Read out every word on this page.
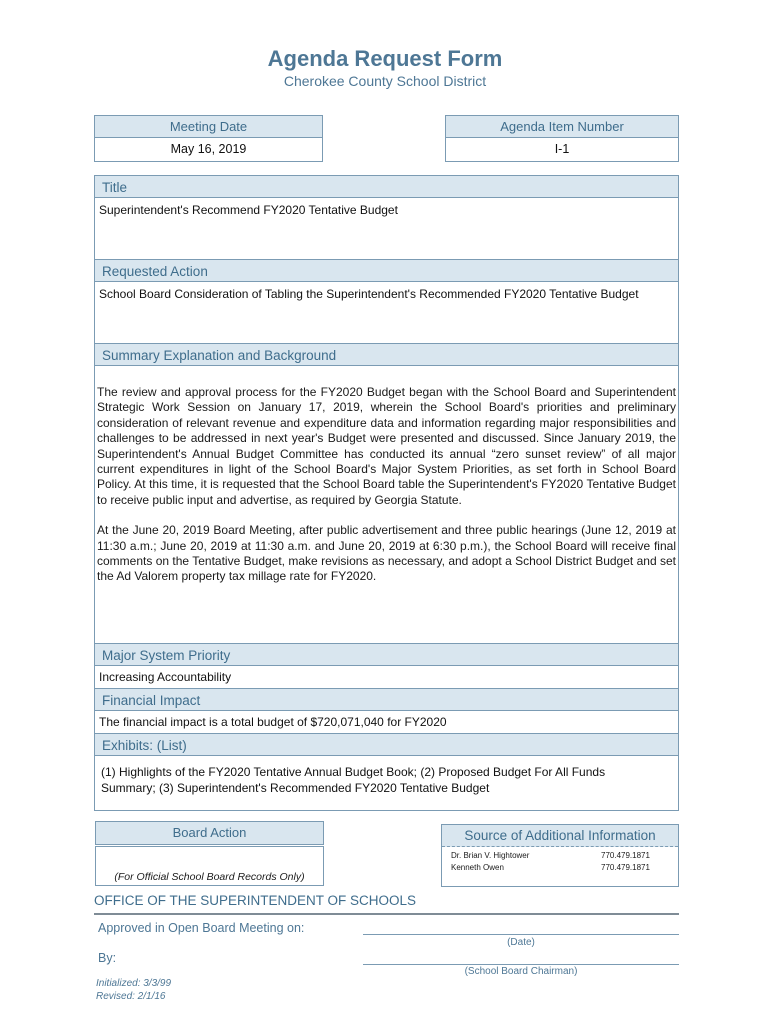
Agenda Request Form
Cherokee County School District
Meeting Date
May 16, 2019
Agenda Item Number
I-1
Title
Superintendent's Recommend FY2020 Tentative Budget
Requested Action
School Board Consideration of Tabling the Superintendent's Recommended FY2020 Tentative Budget
Summary Explanation and Background
The review and approval process for the FY2020 Budget began with the School Board and Superintendent Strategic Work Session on January 17, 2019, wherein the School Board's priorities and preliminary consideration of relevant revenue and expenditure data and information regarding major responsibilities and challenges to be addressed in next year's Budget were presented and discussed. Since January 2019, the Superintendent's Annual Budget Committee has conducted its annual “zero sunset review” of all major current expenditures in light of the School Board's Major System Priorities, as set forth in School Board Policy. At this time, it is requested that the School Board table the Superintendent's FY2020 Tentative Budget to receive public input and advertise, as required by Georgia Statute.
At the June 20, 2019 Board Meeting, after public advertisement and three public hearings (June 12, 2019 at 11:30 a.m.; June 20, 2019 at 11:30 a.m. and June 20, 2019 at 6:30 p.m.), the School Board will receive final comments on the Tentative Budget, make revisions as necessary, and adopt a School District Budget and set the Ad Valorem property tax millage rate for FY2020.
Major System Priority
Increasing Accountability
Financial Impact
The financial impact is a total budget of $720,071,040 for FY2020
Exhibits: (List)
(1) Highlights of the FY2020 Tentative Annual Budget Book; (2) Proposed Budget For All Funds
Summary; (3) Superintendent's Recommended FY2020 Tentative Budget
Board Action
(For Official School Board Records Only)
Source of Additional Information
Dr. Brian V. Hightower	770.479.1871
Kenneth Owen	770.479.1871
OFFICE OF THE SUPERINTENDENT OF SCHOOLS
Approved in Open Board Meeting on:
(Date)
By:
(School Board Chairman)
Initialized: 3/3/99
Revised: 2/1/16
